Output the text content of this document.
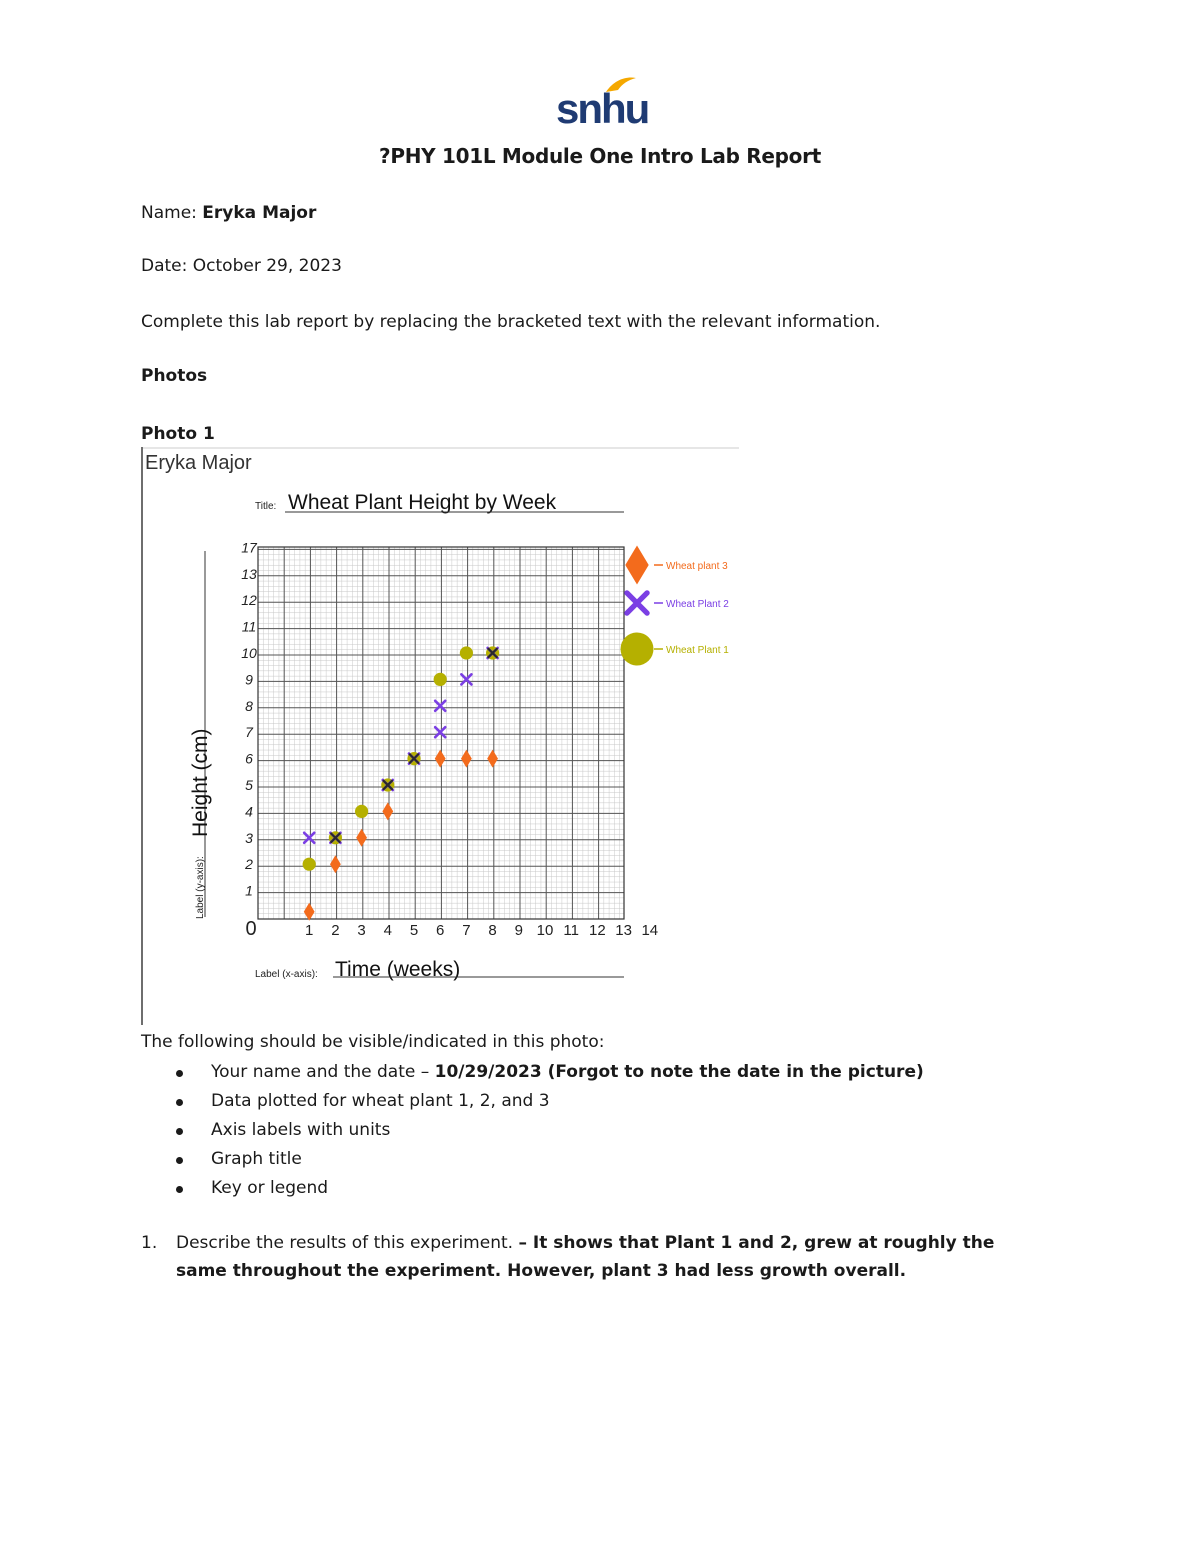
snhu
?PHY 101L Module One Intro Lab Report
Name: Eryka Major
Date: October 29, 2023
Complete this lab report by replacing the bracketed text with the relevant information.
Photos
Photo 1
Eryka Major
0	1 2 3 4 5 6 7 8 9 10 11 12 13 14
1
2
3
4
5
6
7
8
9
10
11
12
13
17
Title: Wheat Plant Height by Week
Label (x-axis): Time (weeks)
Label (y-axis):
Height (cm)
Wheat plant 3
Wheat Plant 2
Wheat Plant 1
The following should be visible/indicated in this photo:
Your name and the date – 10/29/2023 (Forgot to note the date in the picture)
Data plotted for wheat plant 1, 2, and 3
Axis labels with units
Graph title
Key or legend
1. Describe the results of this experiment. – It shows that Plant 1 and 2, grew at roughly the same throughout the experiment. However, plant 3 had less growth overall.
